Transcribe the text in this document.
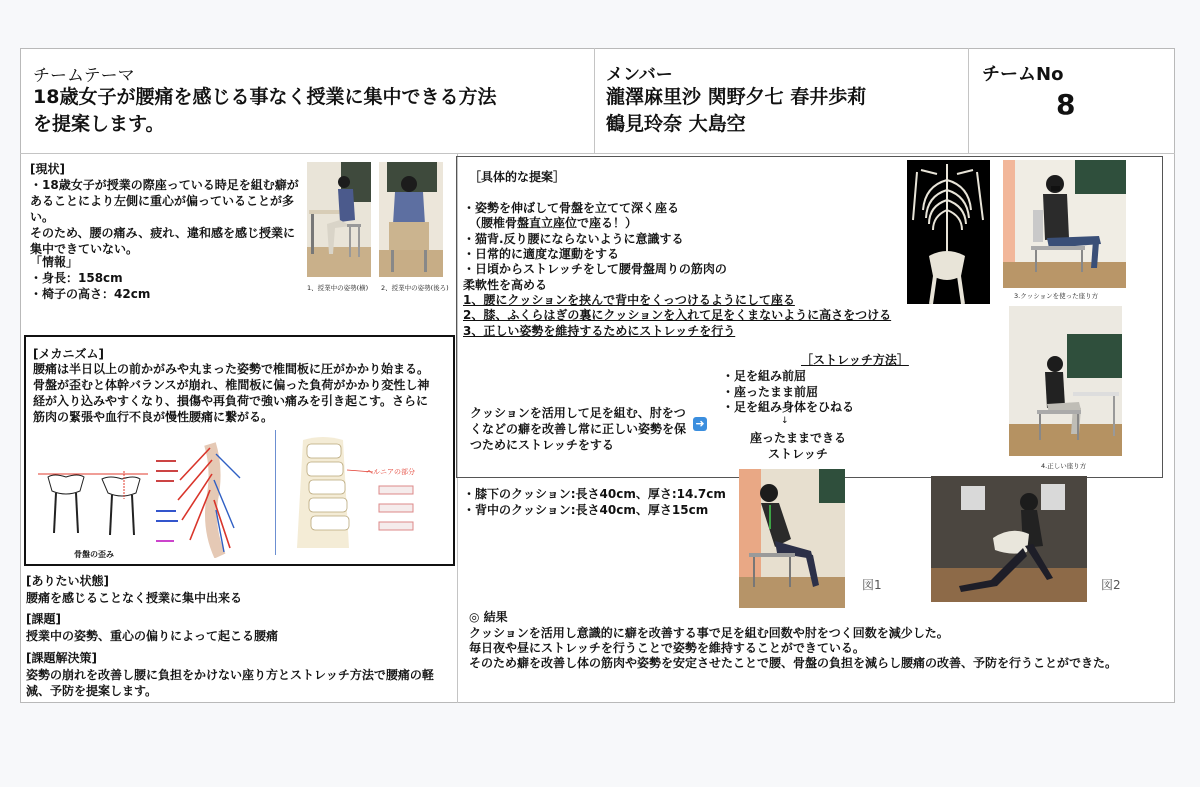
チームテーマ
18歳女子が腰痛を感じる事なく授業に集中できる方法
を提案します。
メンバー
瀧澤麻里沙 関野夕七 春井歩莉
鶴見玲奈 大島空
チームNo
8
[現状]
・18歳女子が授業の際座っている時足を組む癖があることにより左側に重心が偏っていることが多い。
そのため、腰の痛み、疲れ、違和感を感じ授業に集中できていない。
「情報」
・身長：158cm
・椅子の高さ：42cm	1、授業中の姿勢(横) 2、授業中の姿勢(後ろ)
[メカニズム]
腰痛は半日以上の前かがみや丸まった姿勢で椎間板に圧がかかり始まる。骨盤が歪むと体幹バランスが崩れ、椎間板に偏った負荷がかかり変性し神経が入り込みやすくなり、損傷や再負荷で強い痛みを引き起こす。さらに筋肉の緊張や血行不良が慢性腰痛に繋がる。
骨盤の歪み
ヘルニアの部分
[ありたい状態]
腰痛を感じることなく授業に集中出来る
[課題]
授業中の姿勢、重心の偏りによって起こる腰痛
[課題解決策]
姿勢の崩れを改善し腰に負担をかけない座り方とストレッチ方法で腰痛の軽減、予防を提案します。
［具体的な提案］
・姿勢を伸ばして骨盤を立てて深く座る
　（腰椎骨盤直立座位で座る！）
・猫背.反り腰にならないように意識する
・日常的に適度な運動をする
・日頃からストレッチをして腰骨盤周りの筋肉の
柔軟性を高める
1、腰にクッションを挟んで背中をくっつけるようにして座る
2、膝、ふくらはぎの裏にクッションを入れて足をくまないように高さをつける
3、正しい姿勢を維持するためにストレッチを行う
クッションを活用して足を組む、肘をつくなどの癖を改善し常に正しい姿勢を保つためにストレッチをする
➜
［ストレッチ方法］
・足を組み前屈
・座ったまま前屈
・足を組み身体をひねる
↓
座ったままできる
ストレッチ
3.クッションを使った座り方
4.正しい座り方
・膝下のクッション:長さ40cm、厚さ:14.7cm
・背中のクッション:長さ40cm、厚さ15cm
図1	図2
◎ 結果
クッションを活用し意識的に癖を改善する事で足を組む回数や肘をつく回数を減少した。
毎日夜や昼にストレッチを行うことで姿勢を維持することができている。
そのため癖を改善し体の筋肉や姿勢を安定させたことで腰、骨盤の負担を減らし腰痛の改善、予防を行うことができた。
